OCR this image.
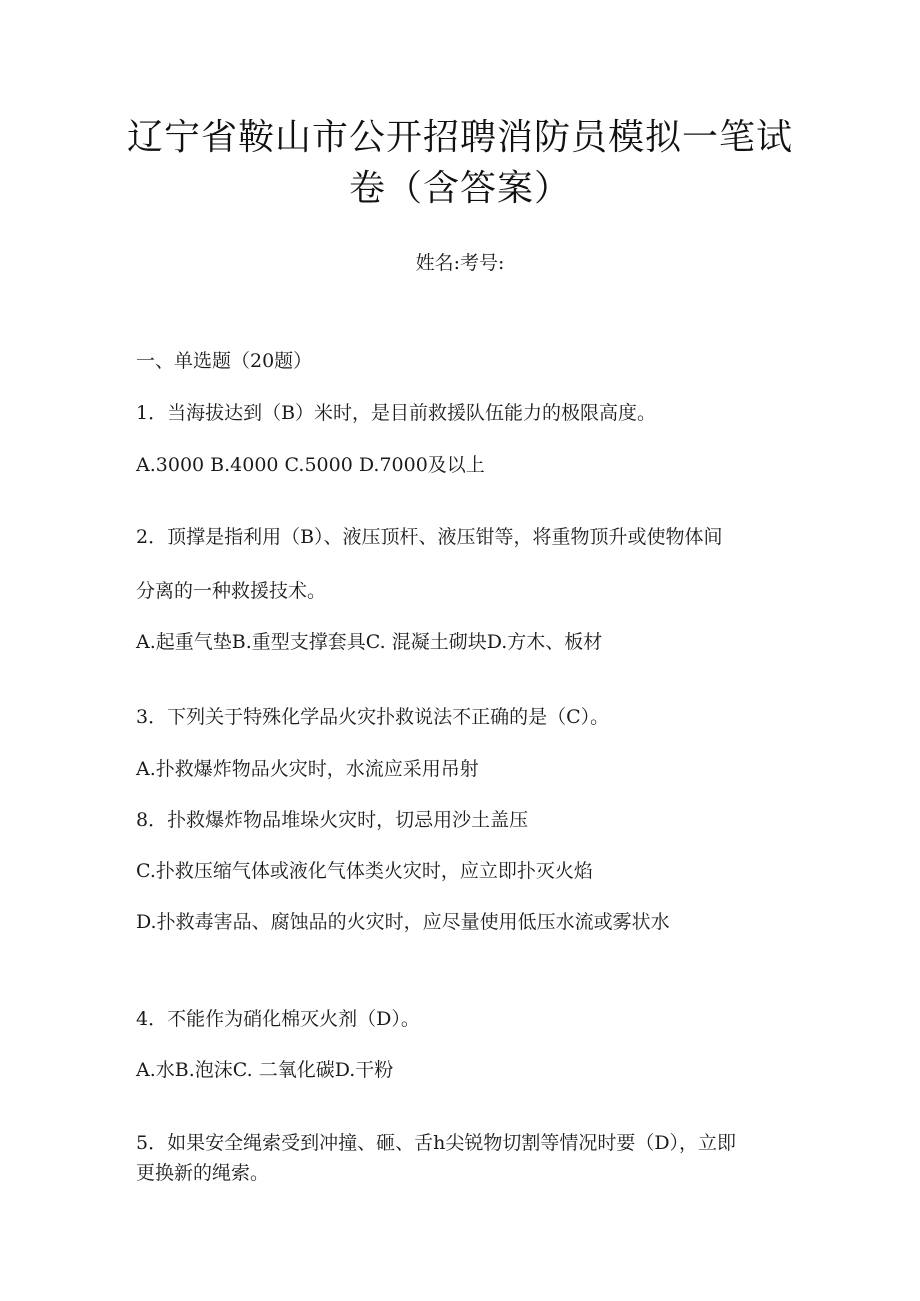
辽宁省鞍山市公开招聘消防员模拟一笔试
卷（含答案）
姓名:考号:
一、单选题（20题）
1．当海拔达到（B）米时，是目前救援队伍能力的极限高度。
A.3000 B.4000 C.5000 D.7000及以上
2．顶撑是指利用（B）、液压顶杆、液压钳等，将重物顶升或使物体间
分离的一种救援技术。
A.起重气垫B.重型支撑套具C. 混凝土砌块D.方木、板材
3．下列关于特殊化学品火灾扑救说法不正确的是（C）。
A.扑救爆炸物品火灾时，水流应采用吊射
8．扑救爆炸物品堆垛火灾时，切忌用沙土盖压
C.扑救压缩气体或液化气体类火灾时，应立即扑灭火焰
D.扑救毒害品、腐蚀品的火灾时，应尽量使用低压水流或雾状水
4．不能作为硝化棉灭火剂（D）。
A.水B.泡沫C. 二氧化碳D.干粉
5．如果安全绳索受到冲撞、砸、舌h尖锐物切割等情况时要（D），立即
更换新的绳索。
